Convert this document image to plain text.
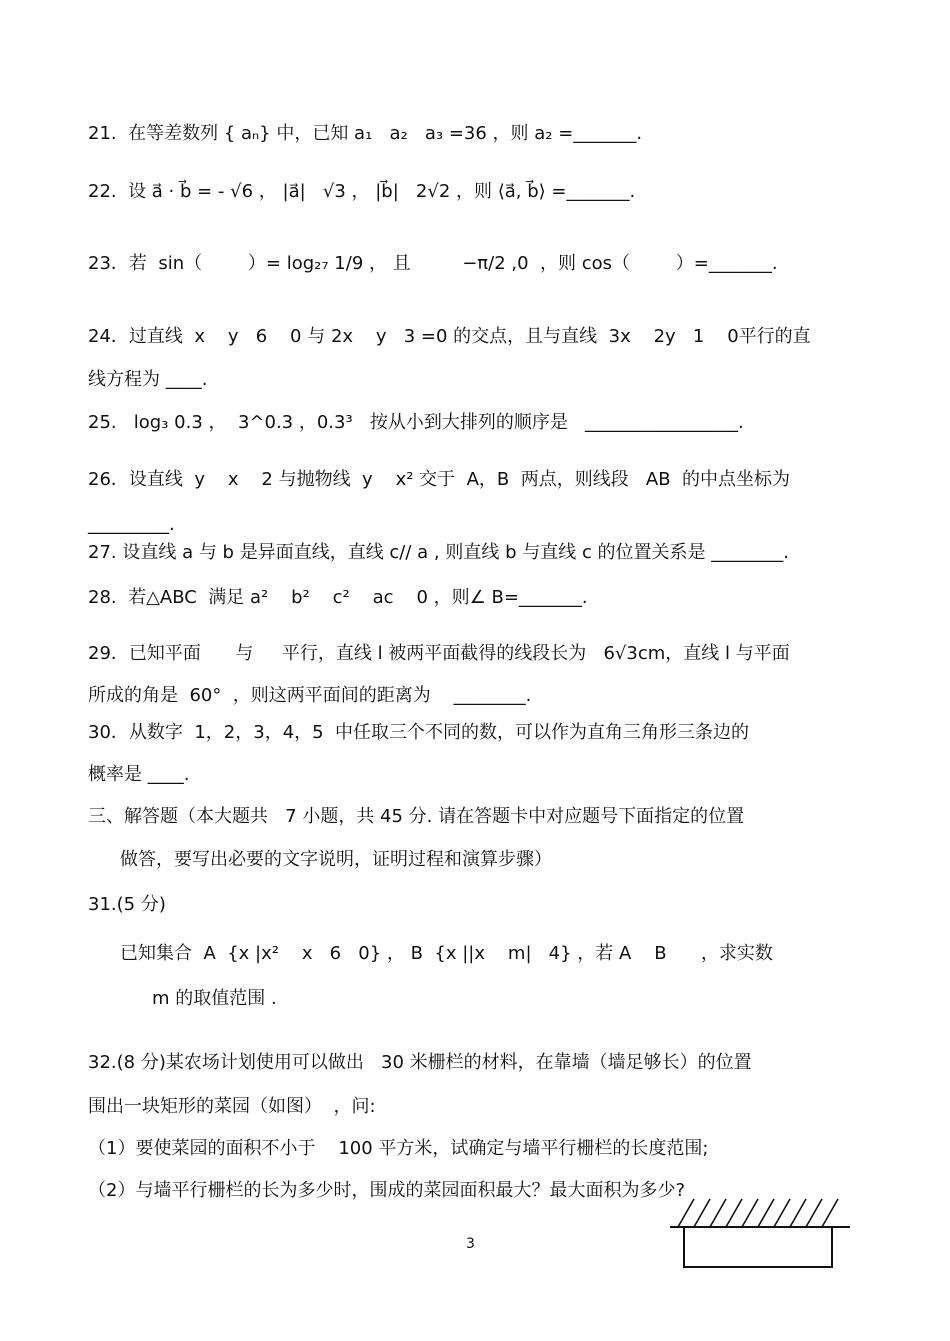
21.  在等差数列 { aₙ} 中，已知 a₁   a₂   a₃ =36 ，则 a₂ =_______.
22.  设 a⃗ · b⃗ = - √6 ， |a⃗|   √3 ， |b⃗|   2√2 ，则 ⟨a⃗, b⃗⟩ =_______.
23．若  sin（        ）= log₂₇ 1/9 ， 且         −π/2 ,0  ，则 cos（        ）=_______.
24．过直线  x    y   6    0 与 2x    y   3 =0 的交点，且与直线  3x    2y   1    0平行的直
线方程为 ____.
25.   log₃ 0.3 ，  3^0.3 ，0.3³   按从小到大排列的顺序是   _________________.
26．设直线  y    x    2 与抛物线  y    x² 交于  A，B  两点，则线段   AB  的中点坐标为
_________.
27. 设直线 a 与 b 是异面直线，直线 c// a , 则直线 b 与直线 c 的位置关系是 ________.
28.  若△ABC  满足 a²    b²    c²    ac    0 ，则∠ B=_______.
29．已知平面      与     平行，直线 l 被两平面截得的线段长为   6√3cm，直线 l 与平面
所成的角是  60°  ，则这两平面间的距离为    ________.
30．从数字  1，2，3，4，5  中任取三个不同的数，可以作为直角三角形三条边的
概率是 ____.
三、解答题（本大题共   7 小题，共 45 分. 请在答题卡中对应题号下面指定的位置
做答，要写出必要的文字说明，证明过程和演算步骤）
31.(5 分)
已知集合  A  {x |x²    x   6   0} ， B  {x ||x    m|   4} ，若 A    B      ，求实数
m 的取值范围 .
32.(8 分)某农场计划使用可以做出   30 米栅栏的材料，在靠墙（墙足够长）的位置
围出一块矩形的菜园（如图）  ，问:
（1）要使菜园的面积不小于    100 平方米，试确定与墙平行栅栏的长度范围;
（2）与墙平行栅栏的长为多少时，围成的菜园面积最大？最大面积为多少?
3
